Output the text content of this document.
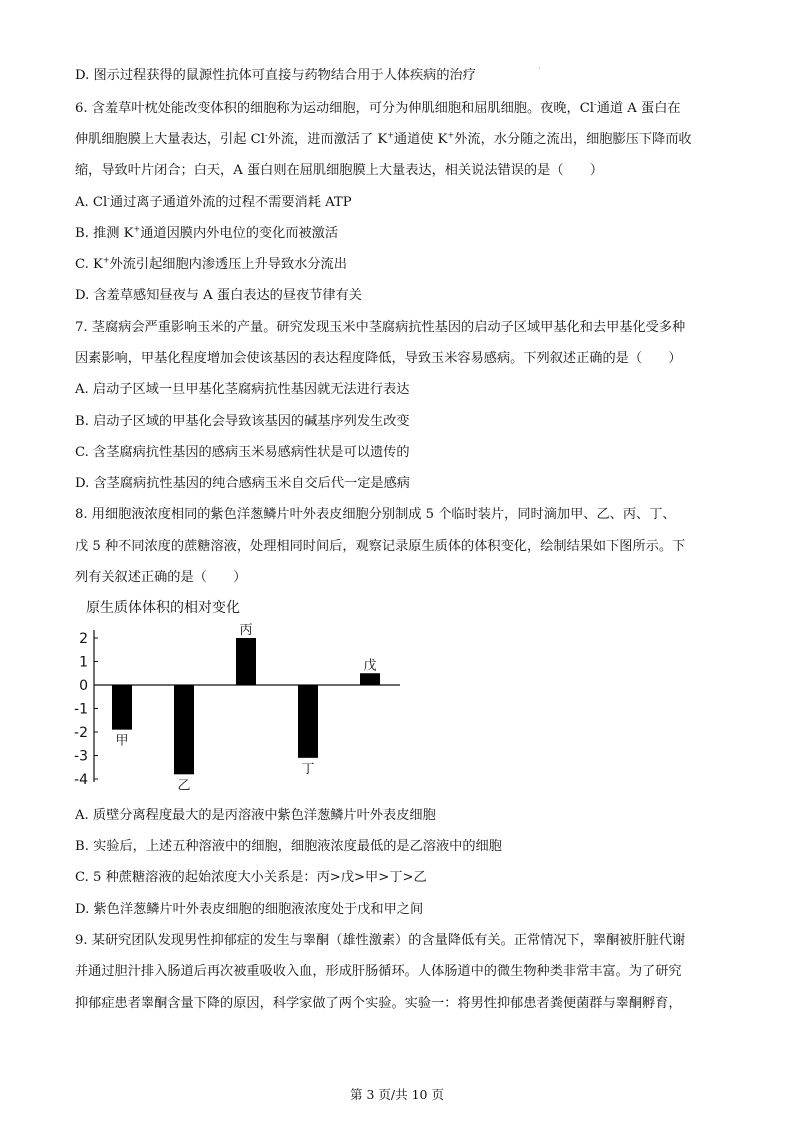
·
D. 图示过程获得的鼠源性抗体可直接与药物结合用于人体疾病的治疗
6. 含羞草叶枕处能改变体积的细胞称为运动细胞，可分为伸肌细胞和屈肌细胞。夜晚，Cl-通道 A 蛋白在
伸肌细胞膜上大量表达，引起 Cl-外流，进而激活了 K+通道使 K+外流，水分随之流出，细胞膨压下降而收
缩，导致叶片闭合；白天，A 蛋白则在屈肌细胞膜上大量表达，相关说法错误的是（　　）
A. Cl-通过离子通道外流的过程不需要消耗 ATP
B. 推测 K+通道因膜内外电位的变化而被激活
C. K+外流引起细胞内渗透压上升导致水分流出
D. 含羞草感知昼夜与 A 蛋白表达的昼夜节律有关
7. 茎腐病会严重影响玉米的产量。研究发现玉米中茎腐病抗性基因的启动子区域甲基化和去甲基化受多种
因素影响，甲基化程度增加会使该基因的表达程度降低，导致玉米容易感病。下列叙述正确的是（　　）
A. 启动子区域一旦甲基化茎腐病抗性基因就无法进行表达
B. 启动子区域的甲基化会导致该基因的碱基序列发生改变
C. 含茎腐病抗性基因的感病玉米易感病性状是可以遗传的
D. 含茎腐病抗性基因的纯合感病玉米自交后代一定是感病
8. 用细胞液浓度相同的紫色洋葱鳞片叶外表皮细胞分别制成 5 个临时装片，同时滴加甲、乙、丙、丁、
戊 5 种不同浓度的蔗糖溶液，处理相同时间后，观察记录原生质体的体积变化，绘制结果如下图所示。下
列有关叙述正确的是（　　）
原生质体体积的相对变化
2
1
0
-1
-2
-3
-4
甲
乙
丙
丁
戊
A. 质壁分离程度最大的是丙溶液中紫色洋葱鳞片叶外表皮细胞
B. 实验后，上述五种溶液中的细胞，细胞液浓度最低的是乙溶液中的细胞
C. 5 种蔗糖溶液的起始浓度大小关系是：丙>戊>甲>丁>乙
D. 紫色洋葱鳞片叶外表皮细胞的细胞液浓度处于戊和甲之间
9. 某研究团队发现男性抑郁症的发生与睾酮（雄性激素）的含量降低有关。正常情况下，睾酮被肝脏代谢
并通过胆汁排入肠道后再次被重吸收入血，形成肝肠循环。人体肠道中的微生物种类非常丰富。为了研究
抑郁症患者睾酮含量下降的原因，科学家做了两个实验。实验一：将男性抑郁患者粪便菌群与睾酮孵育，
第 3 页/共 10 页
